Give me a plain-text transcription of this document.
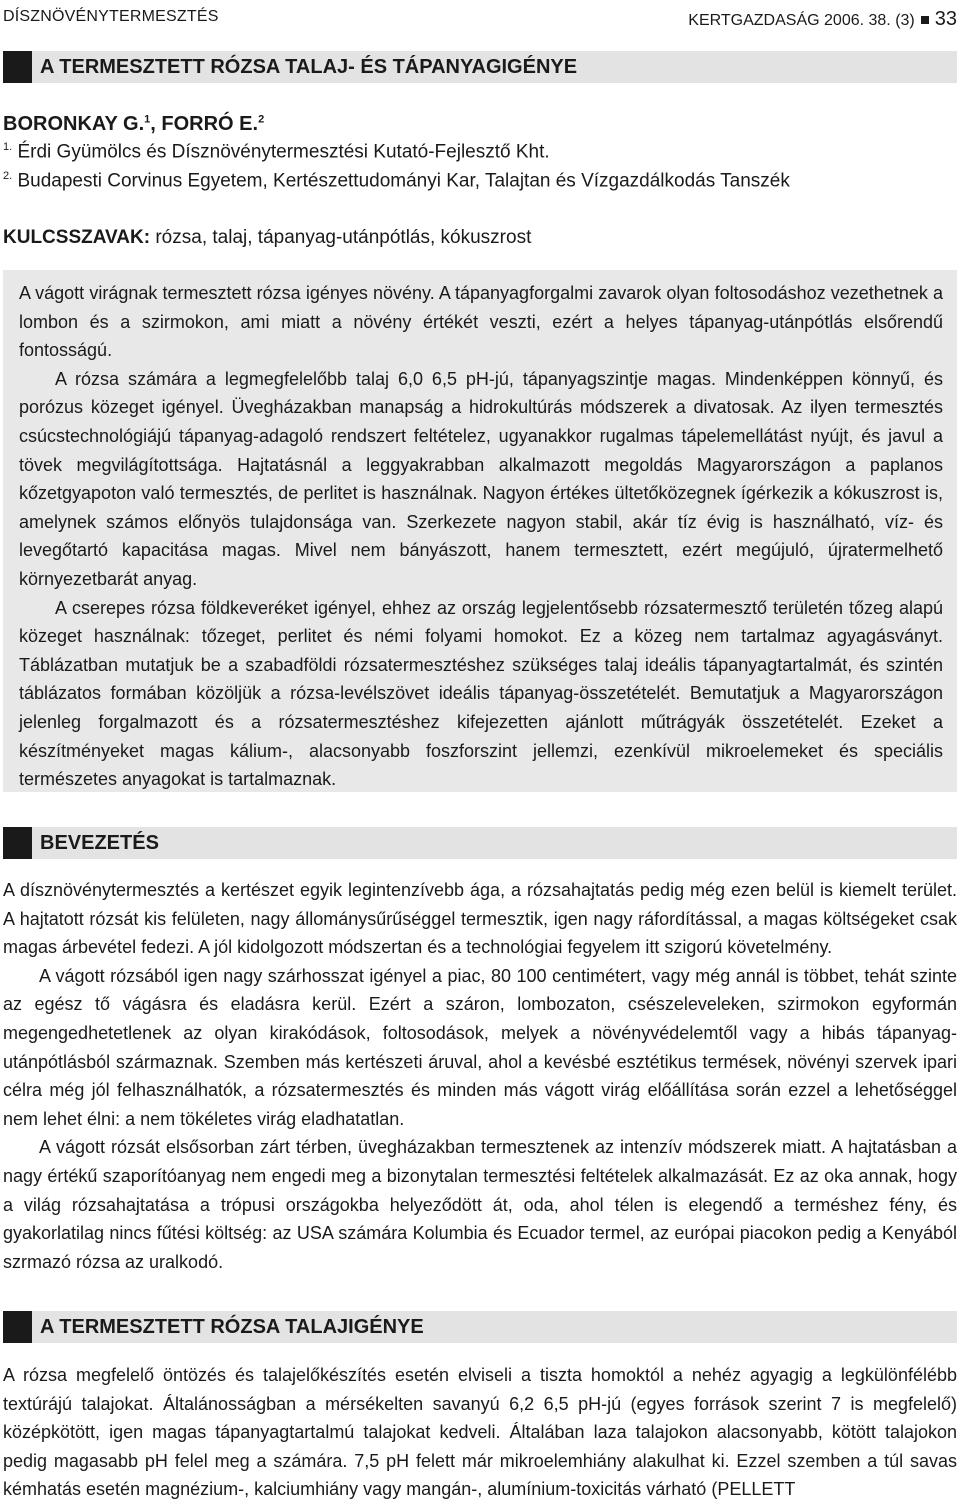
DÍSZNÖVÉNYTERMESZTÉS	KERTGAZDASÁG 2006. 38. (3) 33
A TERMESZTETT RÓZSA TALAJ- ÉS TÁPANYAGIGÉNYE
BORONKAY G.$^1$, FORRÓ E.$^2$
$^{1.}$ Érdi Gyümölcs és Dísznövénytermesztési Kutató-Fejlesztő Kht.
$^{2.}$ Budapesti Corvinus Egyetem, Kertészettudományi Kar, Talajtan és Vízgazdálkodás Tanszék
KULCSSZAVAK: rózsa, talaj, tápanyag-utánpótlás, kókuszrost

A vágott virágnak termesztett rózsa igényes növény. A tápanyagforgalmi zavarok olyan foltosodáshoz vezethetnek a lombon és a szirmokon, ami miatt a növény értékét veszti, ezért a helyes tápanyag-utánpótlás elsőrendű fontosságú.

A rózsa számára a legmegfelelőbb talaj 6,0 6,5 pH-jú, tápanyagszintje magas. Mindenképpen könnyű, és porózus közeget igényel. Üvegházakban manapság a hidrokultúrás módszerek a divatosak. Az ilyen termesztés csúcstechnológiájú tápanyag-adagoló rendszert feltételez, ugyanakkor rugalmas tápelemellátást nyújt, és javul a tövek megvilágítottsága. Hajtatásnál a leggyakrabban alkalmazott megoldás Magyarországon a paplanos kőzetgyapoton való termesztés, de perlitet is használnak. Nagyon értékes ültetőközegnek ígérkezik a kókuszrost is, amelynek számos előnyös tulajdonsága van. Szerkezete nagyon stabil, akár tíz évig is használható, víz- és levegőtartó kapacitása magas. Mivel nem bányászott, hanem termesztett, ezért megújuló, újratermelhető környezetbarát anyag.

A cserepes rózsa földkeveréket igényel, ehhez az ország legjelentősebb rózsatermesztő területén tőzeg alapú közeget használnak: tőzeget, perlitet és némi folyami homokot. Ez a közeg nem tartalmaz agyagásványt. Táblázatban mutatjuk be a szabadföldi rózsatermesztéshez szükséges talaj ideális tápanyagtartalmát, és szintén táblázatos formában közöljük a rózsa-levélszövet ideális tápanyag-összetételét. Bemutatjuk a Magyarországon jelenleg forgalmazott és a rózsatermesztéshez kifejezetten ajánlott műtrágyák összetételét. Ezeket a készítményeket magas kálium-, alacsonyabb foszforszint jellemzi, ezenkívül mikroelemeket és speciális természetes anyagokat is tartalmaznak.

BEVEZETÉS

A dísznövénytermesztés a kertészet egyik legintenzívebb ága, a rózsahajtatás pedig még ezen belül is kiemelt terület. A hajtatott rózsát kis felületen, nagy állománysűrűséggel termesztik, igen nagy ráfordítással, a magas költségeket csak magas árbevétel fedezi. A jól kidolgozott módszertan és a technológiai fegyelem itt szigorú követelmény.

A vágott rózsából igen nagy szárhosszat igényel a piac, 80 100 centimétert, vagy még annál is többet, tehát szinte az egész tő vágásra és eladásra kerül. Ezért a száron, lombozaton, csészeleveleken, szirmokon egyformán megengedhetetlenek az olyan kirakódások, foltosodások, melyek a növényvédelemtől vagy a hibás tápanyag-utánpótlásból származnak. Szemben más kertészeti áruval, ahol a kevésbé esztétikus termések, növényi szervek ipari célra még jól felhasználhatók, a rózsatermesztés és minden más vágott virág előállítása során ezzel a lehetőséggel nem lehet élni: a nem tökéletes virág eladhatatlan.

A vágott rózsát elsősorban zárt térben, üvegházakban termesztenek az intenzív módszerek miatt. A hajtatásban a nagy értékű szaporítóanyag nem engedi meg a bizonytalan termesztési feltételek alkalmazását. Ez az oka annak, hogy a világ rózsahajtatása a trópusi országokba helyeződött át, oda, ahol télen is elegendő a terméshez fény, és gyakorlatilag nincs fűtési költség: az USA számára Kolumbia és Ecuador termel, az európai piacokon pedig a Kenyából szrmazó rózsa az uralkodó.

A TERMESZTETT RÓZSA TALAJIGÉNYE

A rózsa megfelelő öntözés és talajelőkészítés esetén elviseli a tiszta homoktól a nehéz agyagig a legkülönfélébb textúrájú talajokat. Általánosságban a mérsékelten savanyú 6,2 6,5 pH-jú (egyes források szerint 7 is megfelelő) középkötött, igen magas tápanyagtartalmú talajokat kedveli. Általában laza talajokon alacsonyabb, kötött talajokon pedig magasabb pH felel meg a számára. 7,5 pH felett már mikroelemhiány alakulhat ki. Ezzel szemben a túl savas kémhatás esetén magnézium-, kalciumhiány vagy mangán-, alumínium-toxicitás várható (PELLETT
